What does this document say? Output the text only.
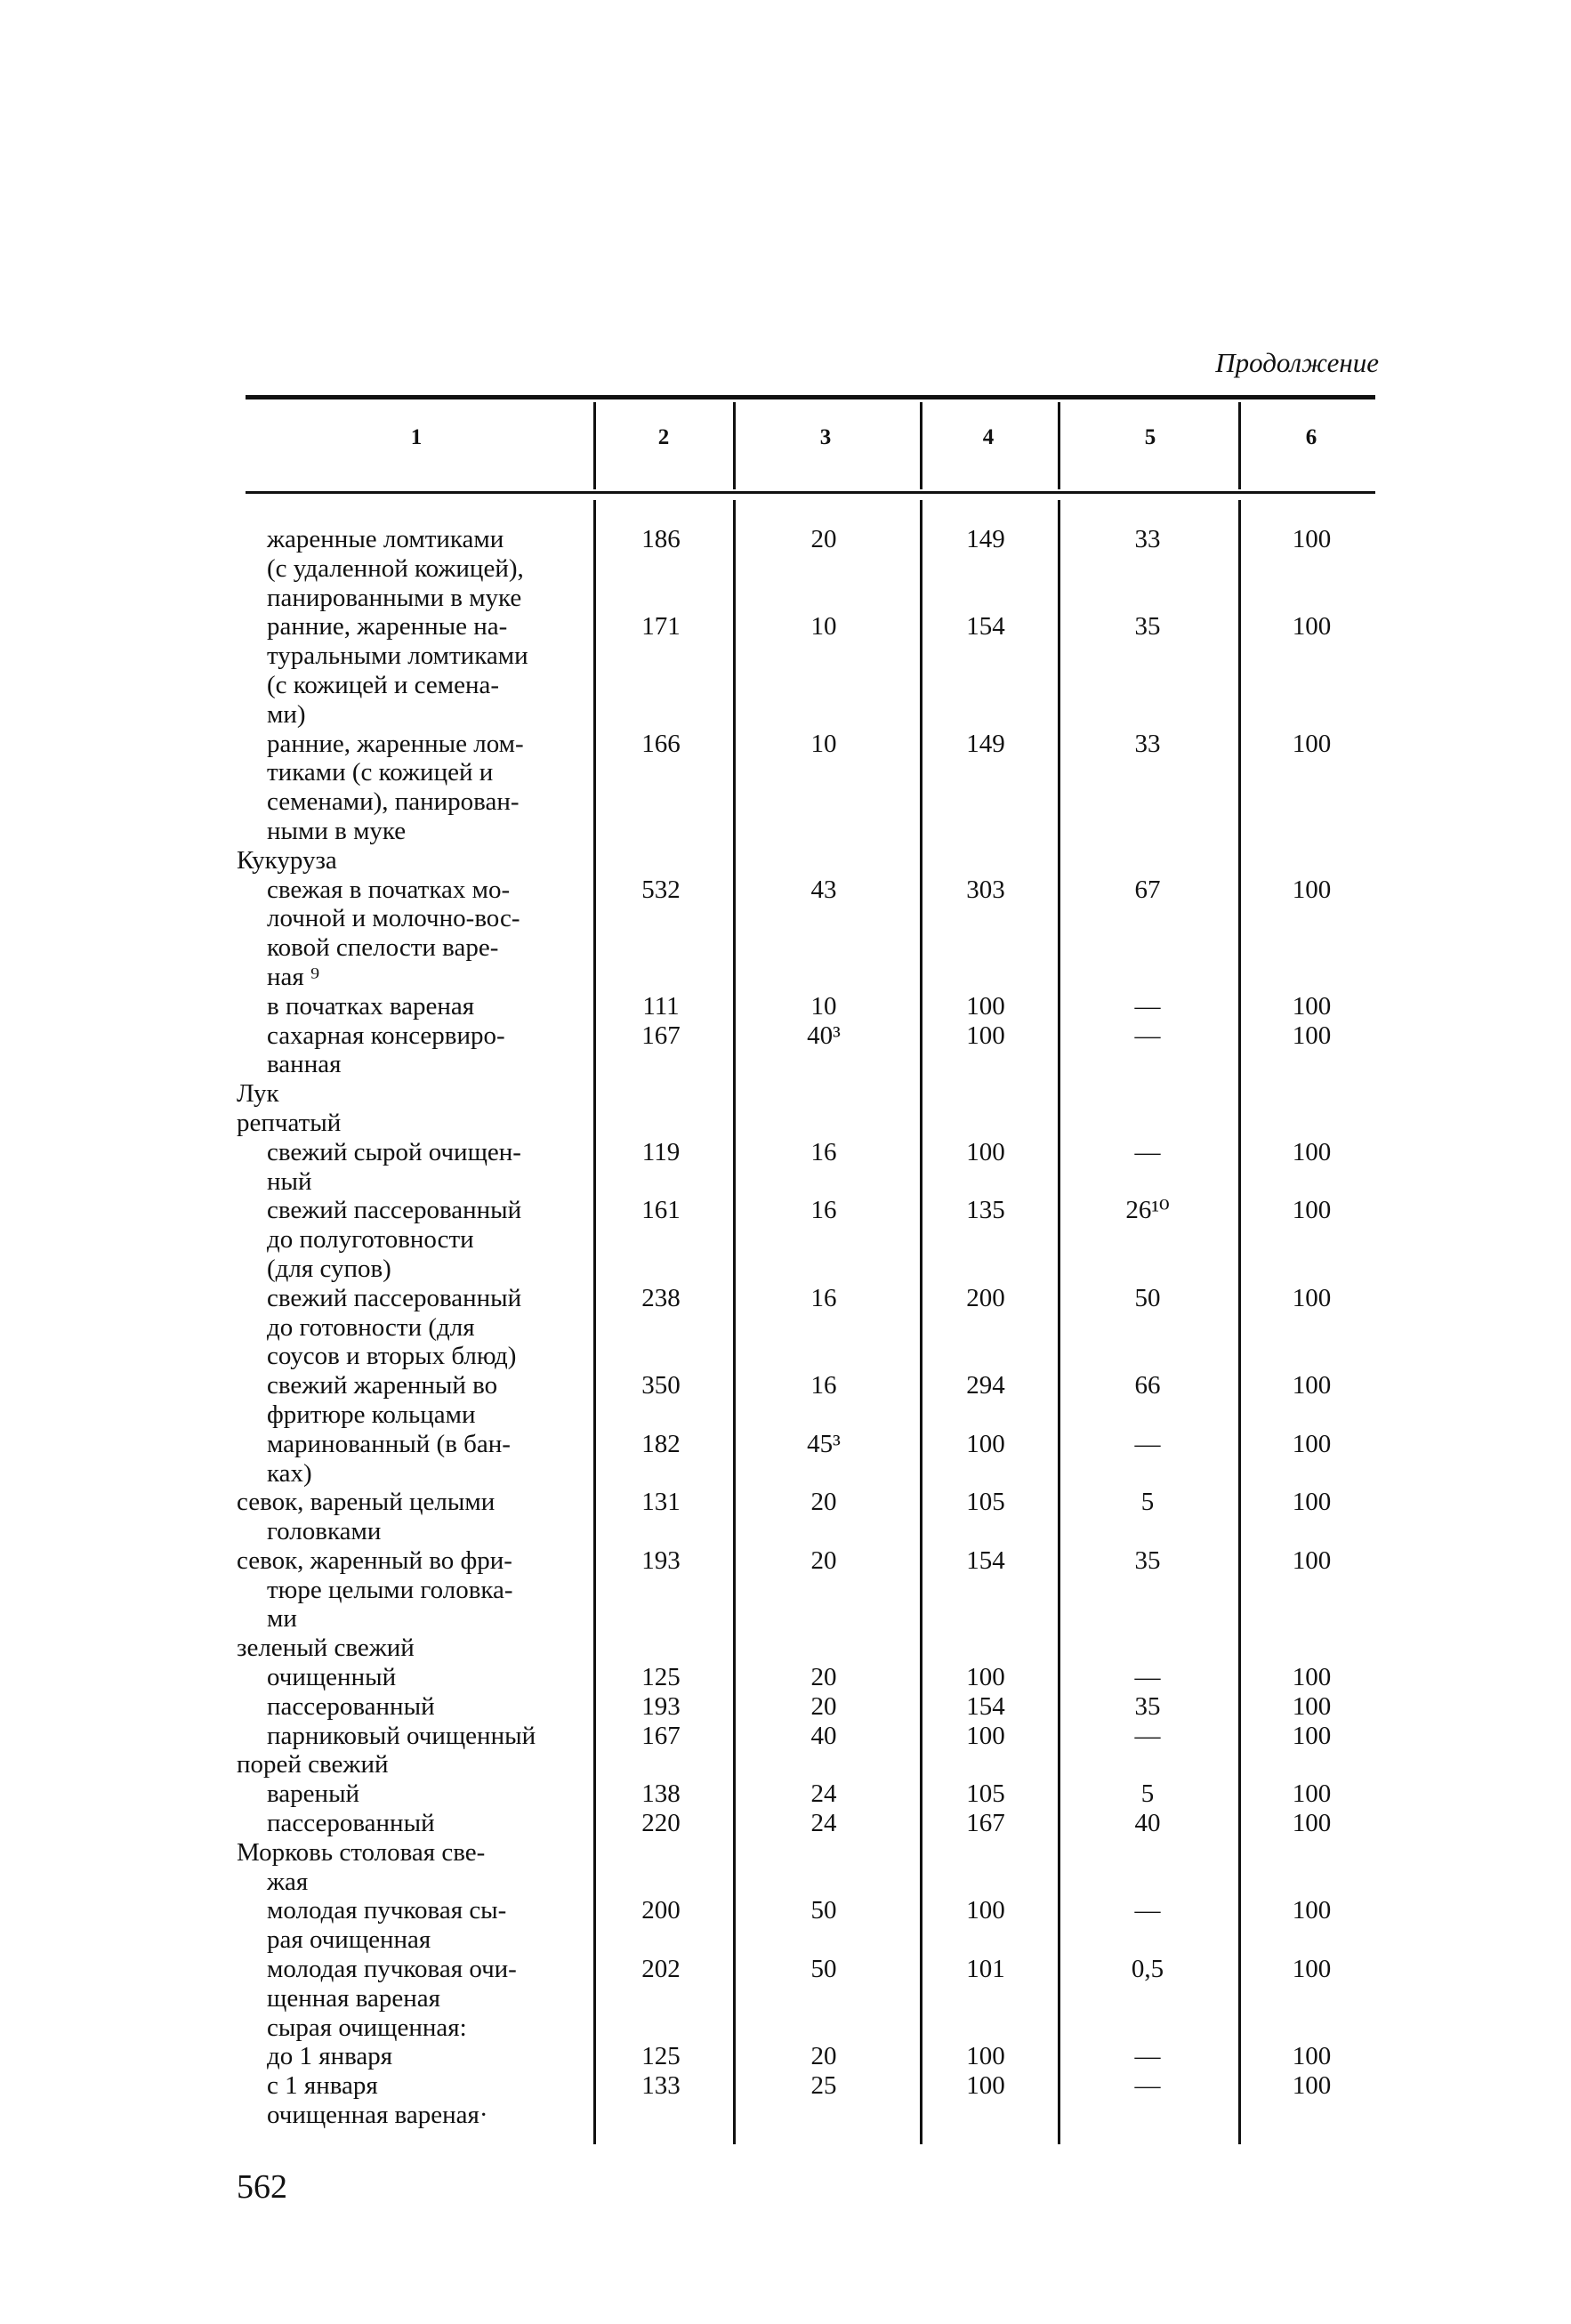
Продолжение
1	2	3	4	5	6
жаренные ломтиками
(с удаленной кожицей),
панированными в муке	186	20	149	33	100

ранние, жаренные на-
туральными ломтиками
(с кожицей и семена-
ми)	171	10	154	35	100

ранние, жаренные лом-
тиками (с кожицей и
семенами), панирован-
ными в муке	166	10	149	33	100

Кукуруза					

свежая в початках мо-
лочной и молочно-вос-
ковой спелости варе-
ная ⁹	532	43	303	67	100

в початках вареная	111	10	100	—	100

сахарная консервиро-
ванная	167	40³	100	—	100

Лук					

репчатый					

свежий сырой очищен-
ный	119	16	100	—	100

свежий пассерованный
до полуготовности
(для супов)	161	16	135	26¹⁰	100

свежий пассерованный
до готовности (для
соусов и вторых блюд)	238	16	200	50	100

свежий жаренный во
фритюре кольцами	350	16	294	66	100

маринованный (в бан-
ках)	182	45³	100	—	100

севок, вареный целыми
головками	131	20	105	5	100

севок, жаренный во фри-
тюре целыми головка-
ми	193	20	154	35	100

зеленый свежий					

очищенный	125	20	100	—	100

пассерованный	193	20	154	35	100

парниковый очищенный	167	40	100	—	100

порей свежий					

вареный	138	24	105	5	100

пассерованный	220	24	167	40	100

Морковь столовая све-
жая					

молодая пучковая сы-
рая очищенная	200	50	100	—	100

молодая пучковая очи-
щенная вареная	202	50	101	0,5	100

сырая очищенная:					

до 1 января	125	20	100	—	100

с 1 января	133	25	100	—	100

очищенная вареная·					

562
